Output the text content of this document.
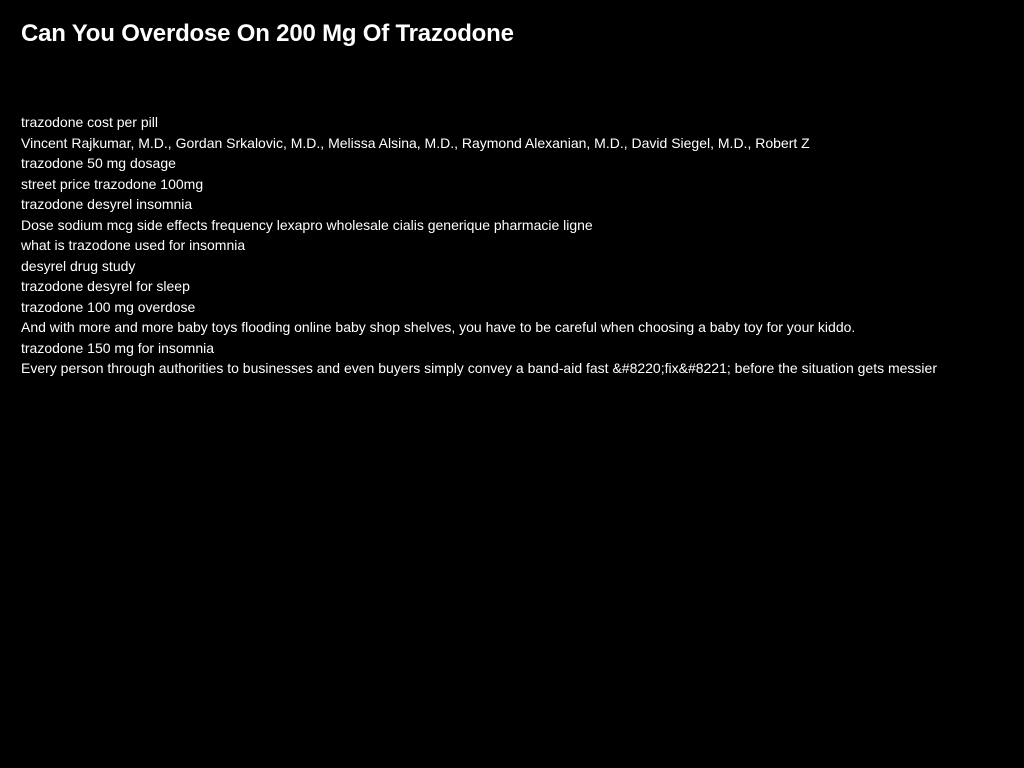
Can You Overdose On 200 Mg Of Trazodone
trazodone cost per pill
Vincent Rajkumar, M.D., Gordan Srkalovic, M.D., Melissa Alsina, M.D., Raymond Alexanian, M.D., David Siegel, M.D., Robert Z
trazodone 50 mg dosage
street price trazodone 100mg
trazodone desyrel insomnia
Dose sodium mcg side effects frequency lexapro wholesale cialis generique pharmacie ligne
what is trazodone used for insomnia
desyrel drug study
trazodone desyrel for sleep
trazodone 100 mg overdose
And with more and more baby toys flooding online baby shop shelves, you have to be careful when choosing a baby toy for your kiddo.
trazodone 150 mg for insomnia
Every person through authorities to businesses and even buyers simply convey a band-aid fast &#8220;fix&#8221; before the situation gets messier
